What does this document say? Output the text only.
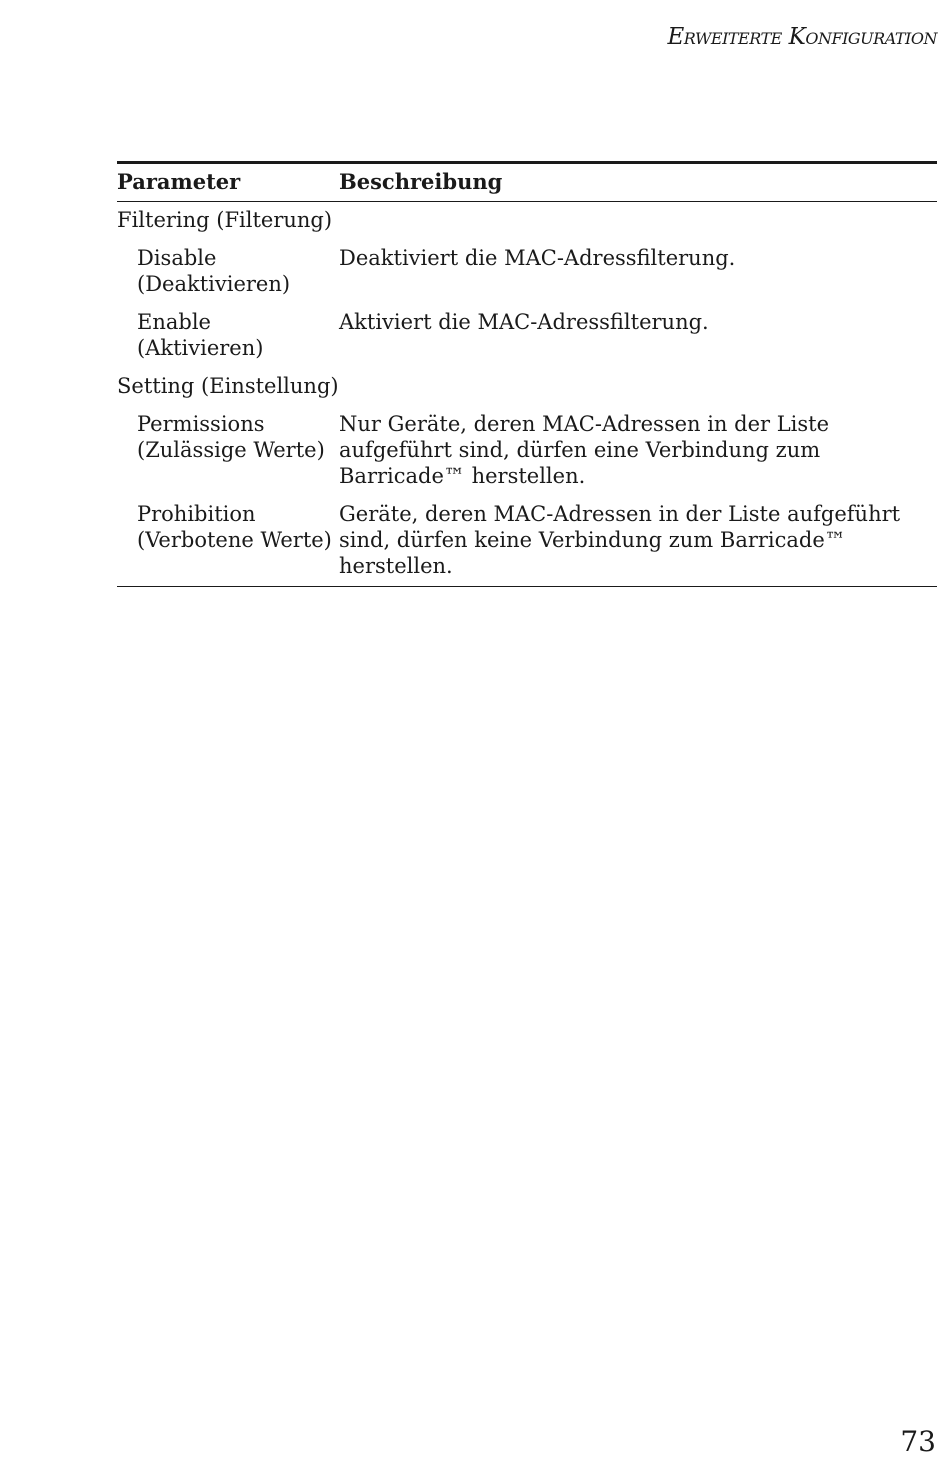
Erweiterte Konfiguration
Parameter	Beschreibung
Filtering (Filterung)	
Disable (Deaktivieren)	Deaktiviert die MAC-Adressfilterung.
Enable (Aktivieren)	Aktiviert die MAC-Adressfilterung.
Setting (Einstellung)	
Permissions (Zulässige Werte)	Nur Geräte, deren MAC-Adressen in der Liste aufgeführt sind, dürfen eine Verbindung zum Barricade™ herstellen.
Prohibition (Verbotene Werte)	Geräte, deren MAC-Adressen in der Liste aufgeführt sind, dürfen keine Verbindung zum Barricade™ herstellen.
73
